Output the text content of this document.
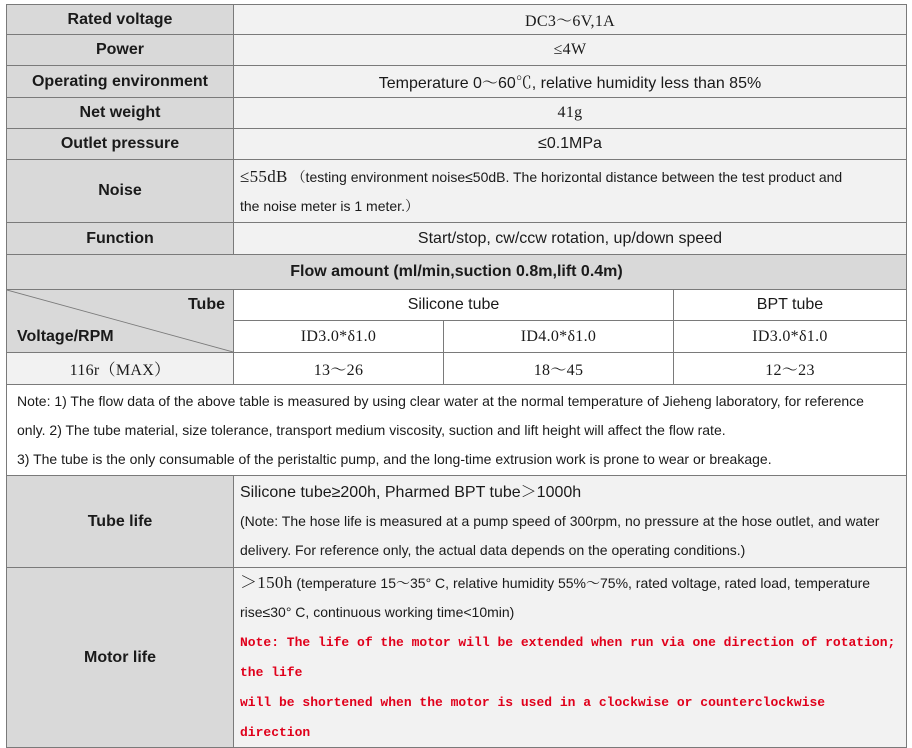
Rated voltage	DC3～6V,1A		
Power	≤4W		
Operating environment	Temperature 0～60℃, relative humidity less than 85%		
Net weight	41g		
Outlet pressure	≤0.1MPa		
Noise	≤55dB （testing environment noise≤50dB. The horizontal distance between the test product and
the noise meter is 1 meter.）		
Function	Start/stop, cw/ccw rotation, up/down speed		
Flow amount (ml/min,suction 0.8m,lift 0.4m)			

Tube
Voltage/RPM	Silicone tube		BPT tube
	ID3.0*δ1.0	ID4.0*δ1.0	ID3.0*δ1.0
116r（MAX）	13～26	18～45	12～23
Note: 1) The flow data of the above table is measured by using clear water at the normal temperature of Jieheng laboratory, for reference
only. 2) The tube material, size tolerance, transport medium viscosity, suction and lift height will affect the flow rate.
3) The tube is the only consumable of the peristaltic pump, and the long-time extrusion work is prone to wear or breakage.			
Tube life	Silicone tube≥200h, Pharmed BPT tube＞1000h
(Note: The hose life is measured at a pump speed of 300rpm, no pressure at the hose outlet, and water
delivery. For reference only, the actual data depends on the operating conditions.)		
Motor life	＞150h (temperature 15～35° C, relative humidity 55%～75%, rated voltage, rated load, temperature
rise≤30° C, continuous working time<10min)
Note: The life of the motor will be extended when run via one direction of rotation; the life
will be shortened when the motor is used in a clockwise or counterclockwise direction		
